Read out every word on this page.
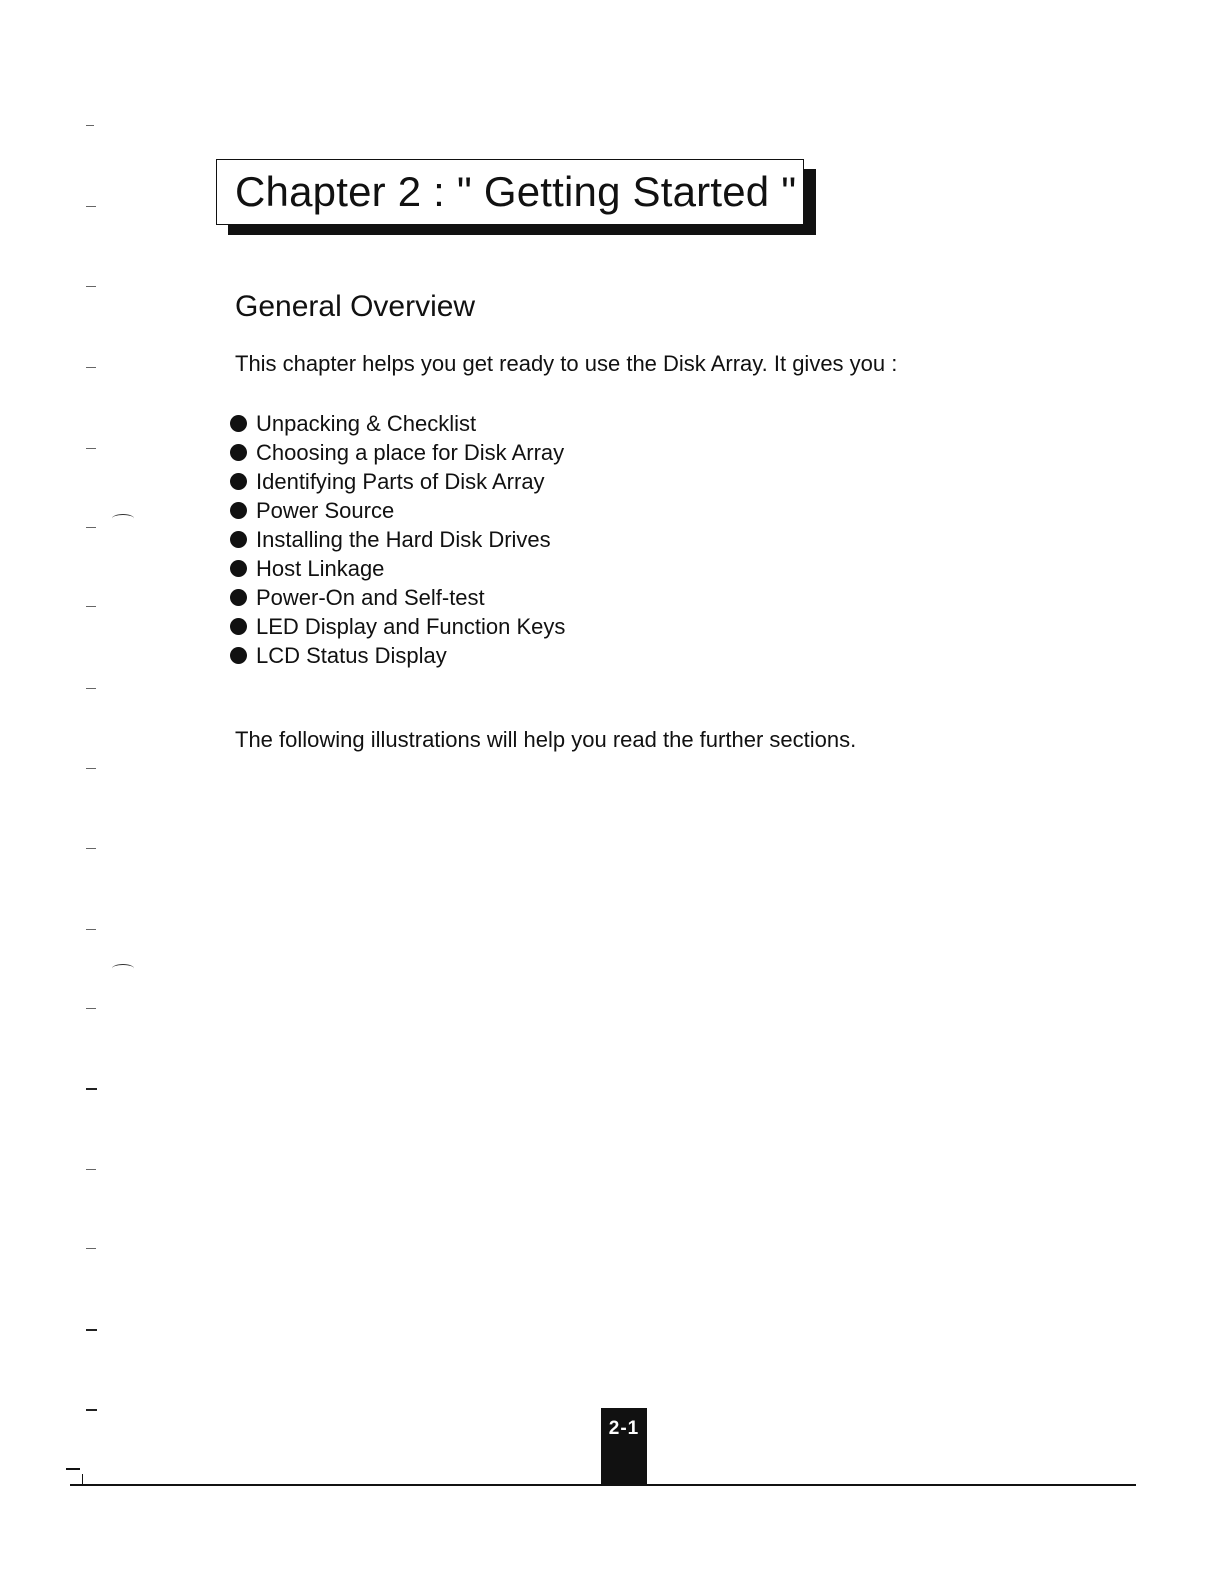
Chapter 2 : " Getting Started "
General Overview

This chapter helps you get ready to use the Disk Array. It gives you :

Unpacking & Checklist
Choosing a place for Disk Array
Identifying Parts of Disk Array
Power Source
Installing the Hard Disk Drives
Host Linkage
Power-On and Self-test
LED Display and Function Keys
LCD Status Display

The following illustrations will help you read the further sections.

2-1
